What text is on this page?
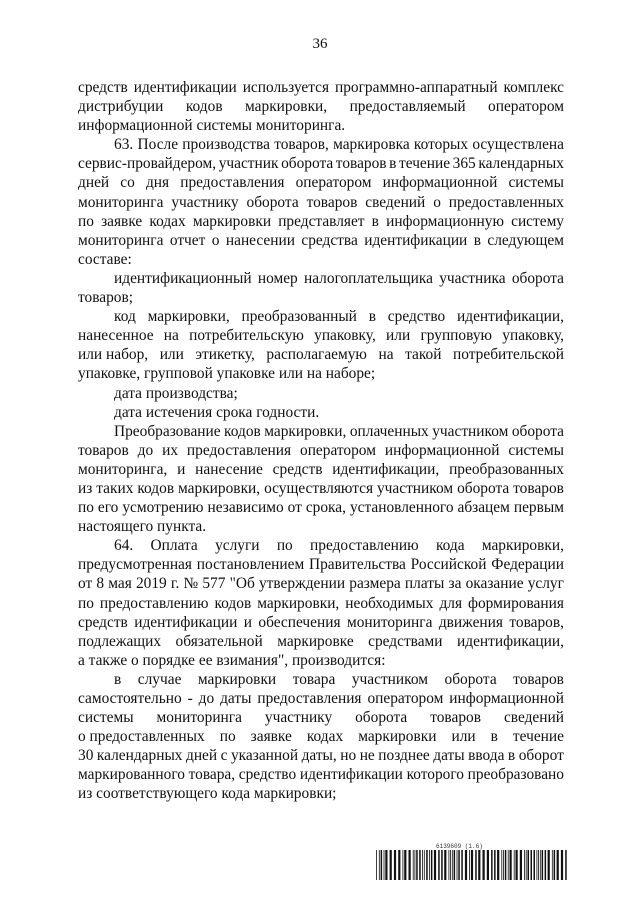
36
средств идентификации используется программно-аппаратный комплекс
дистрибуции кодов маркировки, предоставляемый оператором
информационной системы мониторинга.
63. После производства товаров, маркировка которых осуществлена
сервис-провайдером, участник оборота товаров в течение 365 календарных
дней со дня предоставления оператором информационной системы
мониторинга участнику оборота товаров сведений о предоставленных
по заявке кодах маркировки представляет в информационную систему
мониторинга отчет о нанесении средства идентификации в следующем
составе:
идентификационный номер налогоплательщика участника оборота
товаров;
код маркировки, преобразованный в средство идентификации,
нанесенное на потребительскую упаковку, или групповую упаковку,
или набор, или этикетку, располагаемую на такой потребительской
упаковке, групповой упаковке или на наборе;
дата производства;
дата истечения срока годности.
Преобразование кодов маркировки, оплаченных участником оборота
товаров до их предоставления оператором информационной системы
мониторинга, и нанесение средств идентификации, преобразованных
из таких кодов маркировки, осуществляются участником оборота товаров
по его усмотрению независимо от срока, установленного абзацем первым
настоящего пункта.
64. Оплата услуги по предоставлению кода маркировки,
предусмотренная постановлением Правительства Российской Федерации
от 8 мая 2019 г. № 577 "Об утверждении размера платы за оказание услуг
по предоставлению кодов маркировки, необходимых для формирования
средств идентификации и обеспечения мониторинга движения товаров,
подлежащих обязательной маркировке средствами идентификации,
а также о порядке ее взимания", производится:
в случае маркировки товара участником оборота товаров
самостоятельно - до даты предоставления оператором информационной
системы мониторинга участнику оборота товаров сведений
о предоставленных по заявке кодах маркировки или в течение
30 календарных дней с указанной даты, но не позднее даты ввода в оборот
маркированного товара, средство идентификации которого преобразовано
из соответствующего кода маркировки;
6139609 (1.6)
